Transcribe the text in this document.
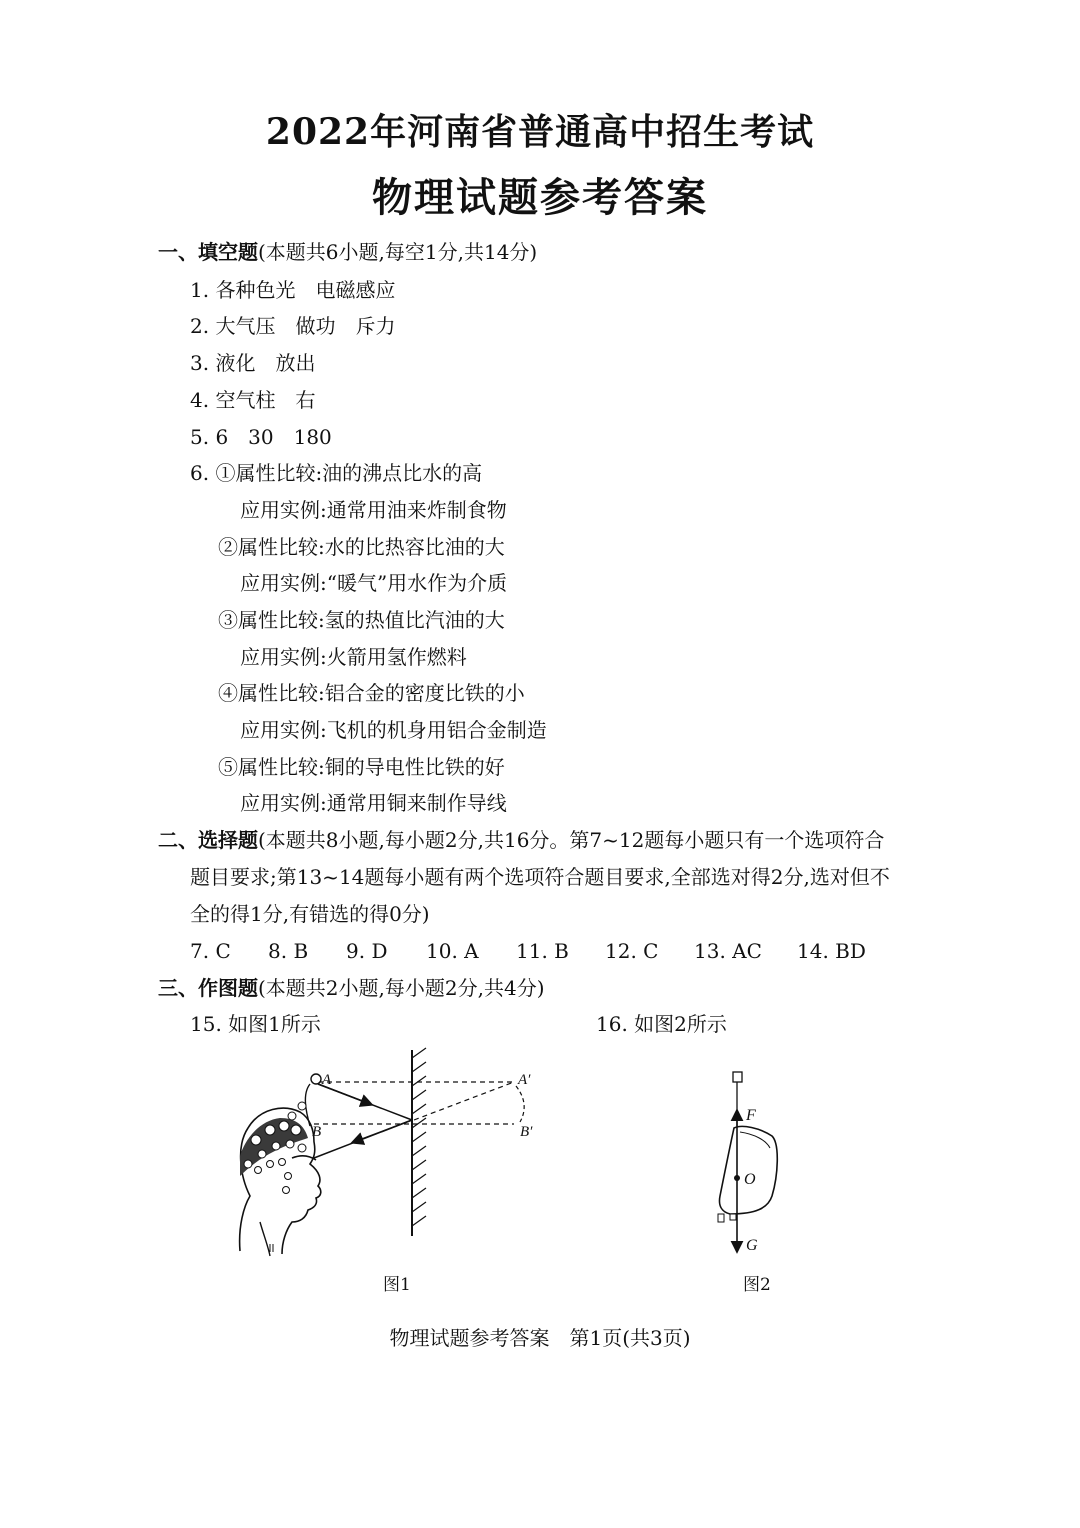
2022年河南省普通高中招生考试
物理试题参考答案
一、填空题(本题共6小题,每空1分,共14分)
1. 各种色光　电磁感应
2. 大气压　做功　斥力
3. 液化　放出
4. 空气柱　右
5. 6　30　180
6. ①属性比较:油的沸点比水的高
应用实例:通常用油来炸制食物
②属性比较:水的比热容比油的大
应用实例:“暖气”用水作为介质
③属性比较:氢的热值比汽油的大
应用实例:火箭用氢作燃料
④属性比较:铝合金的密度比铁的小
应用实例:飞机的机身用铝合金制造
⑤属性比较:铜的导电性比铁的好
应用实例:通常用铜来制作导线
二、选择题(本题共8小题,每小题2分,共16分。第7~12题每小题只有一个选项符合
题目要求;第13~14题每小题有两个选项符合题目要求,全部选对得2分,选对但不
全的得1分,有错选的得0分)
7. C 8. B 9. D 10. A 11. B 12. C 13. AC 14. BD
三、作图题(本题共2小题,每小题2分,共4分)
15. 如图1所示	16. 如图2所示
A
B
A′
B′
图1
F
O
G
图2
物理试题参考答案　第1页(共3页)
